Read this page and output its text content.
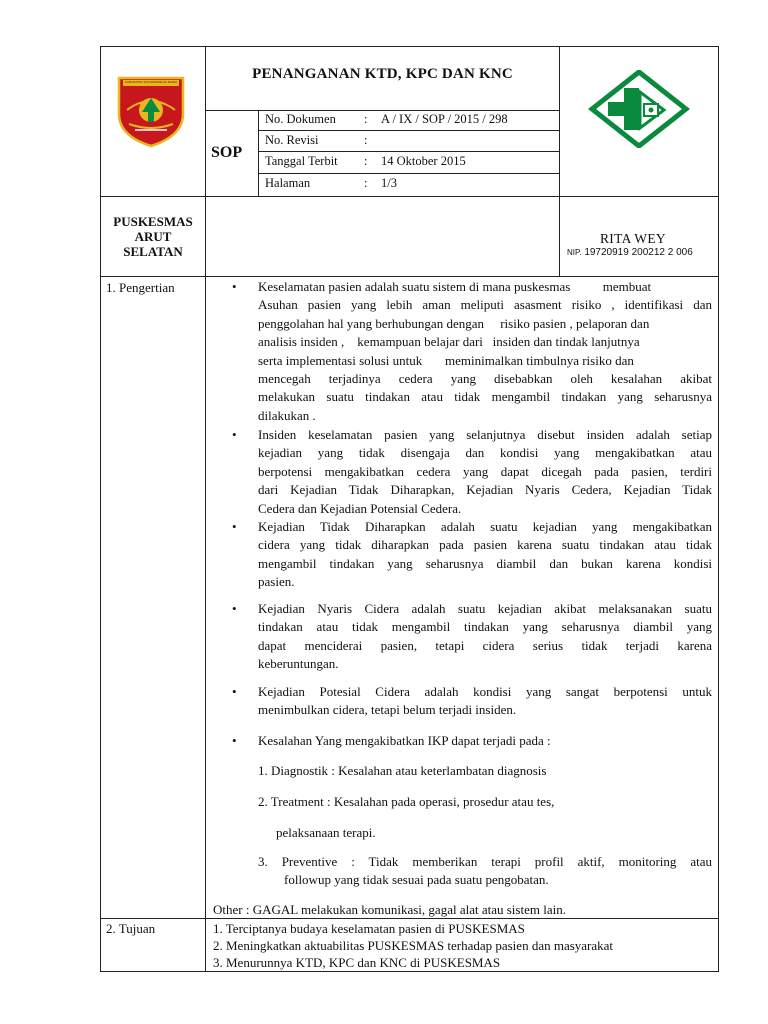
KABUPATEN KOTAWARINGIN BARAT	PENANGANAN KTD, KPC DAN KNC
SOP
No. Dokumen : A / IX / SOP / 2015 / 298
No. Revisi	:
Tanggal Terbit : 14 Oktober 2015
Halaman	: 1/3
PUSKESMAS
ARUT
SELATAN
RITA WEY
NIP. 19720919 200212 2 006
1. Pengertian	• Keselamatan pasien adalah suatu sistem di mana puskesmas          membuat
Asuhan pasien yang lebih aman meliputi asasment risiko , identifikasi dan
penggolahan hal yang berhubungan dengan     risiko pasien , pelaporan dan
analisis insiden ,    kemampuan belajar dari   insiden dan tindak lanjutnya
serta implementasi solusi untuk       meminimalkan timbulnya risiko dan
mencegah terjadinya cedera yang disebabkan oleh kesalahan akibat
melakukan suatu tindakan atau tidak mengambil tindakan yang seharusnya
dilakukan .
• Insiden keselamatan pasien yang selanjutnya disebut insiden adalah setiap
kejadian yang tidak disengaja dan kondisi yang mengakibatkan atau
berpotensi mengakibatkan cedera yang dapat dicegah pada pasien, terdiri
dari Kejadian Tidak Diharapkan, Kejadian Nyaris Cedera, Kejadian Tidak
Cedera dan Kejadian Potensial Cedera.
• Kejadian Tidak Diharapkan adalah suatu kejadian yang mengakibatkan
cidera yang tidak diharapkan pada pasien karena suatu tindakan atau tidak
mengambil tindakan yang seharusnya diambil dan bukan karena kondisi
pasien.
• Kejadian Nyaris Cidera adalah suatu kejadian akibat melaksanakan suatu
tindakan atau tidak mengambil tindakan yang seharusnya diambil yang
dapat menciderai pasien, tetapi cidera serius tidak terjadi karena
keberuntungan.
• Kejadian Potesial Cidera adalah kondisi yang sangat berpotensi untuk
menimbulkan cidera, tetapi belum terjadi insiden.
• Kesalahan Yang mengakibatkan IKP dapat terjadi pada :
1. Diagnostik : Kesalahan atau keterlambatan diagnosis
2. Treatment : Kesalahan pada operasi, prosedur atau tes,
pelaksanaan terapi.
3. Preventive : Tidak memberikan terapi profil aktif, monitoring atau
followup yang tidak sesuai pada suatu pengobatan.
Other : GAGAL melakukan komunikasi, gagal alat atau sistem lain.
2. Tujuan	1. Terciptanya budaya keselamatan pasien di PUSKESMAS
2. Meningkatkan aktuabilitas PUSKESMAS terhadap pasien dan masyarakat
3. Menurunnya KTD, KPC dan KNC di PUSKESMAS
